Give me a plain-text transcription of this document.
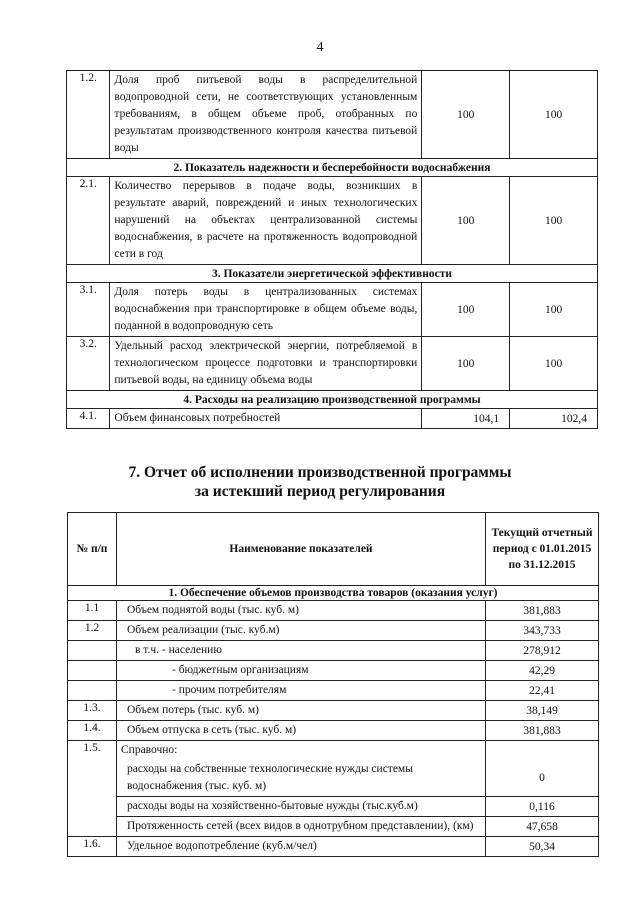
4
1.2.	Доля проб питьевой воды в распределительной водопроводной сети, не соответствующих установленным требованиям, в общем объеме проб, отобранных по результатам производственного контроля качества питьевой воды	100	100
2. Показатель надежности и бесперебойности водоснабжения			
2.1.	Количество перерывов в подаче воды, возникших в результате аварий, повреждений и иных технологических нарушений на объектах централизованной системы водоснабжения, в расчете на протяженность водопроводной сети в год	100	100
3. Показатели энергетической эффективности			
3.1.	Доля потерь воды в централизованных системах водоснабжения при транспортировке в общем объеме воды, поданной в водопроводную сеть	100	100
3.2.	Удельный расход электрической энергии, потребляемой в технологическом процессе подготовки и транспортировки питьевой воды, на единицу объема воды	100	100
4. Расходы на реализацию производственной программы			
4.1.	Объем финансовых потребностей	104,1	102,4
7. Отчет об исполнении производственной программы
за истекший период регулирования
№ п/п	Наименование показателей	Текущий отчетный период с 01.01.2015 по 31.12.2015
1. Обеспечение объемов производства товаров (оказания услуг)		
1.1	Объем поднятой воды (тыс. куб. м)	381,883
1.2	Объем реализации (тыс. куб.м)	343,733
	в т.ч. - населению	278,912
	- бюджетным организациям	42,29
	- прочим потребителям	22,41
1.3.	Объем потерь (тыс. куб. м)	38,149
1.4.	Объем отпуска в сеть (тыс. куб. м)	381,883
1.5.	Справочно:	
	расходы на собственные технологические нужды системы водоснабжения (тыс. куб. м)	0
	расходы воды на хозяйственно-бытовые нужды (тыс.куб.м)	0,116
	Протяженность сетей (всех видов в однотрубном представлении), (км)	47,658
1.6.	Удельное водопотребление (куб.м/чел)	50,34
